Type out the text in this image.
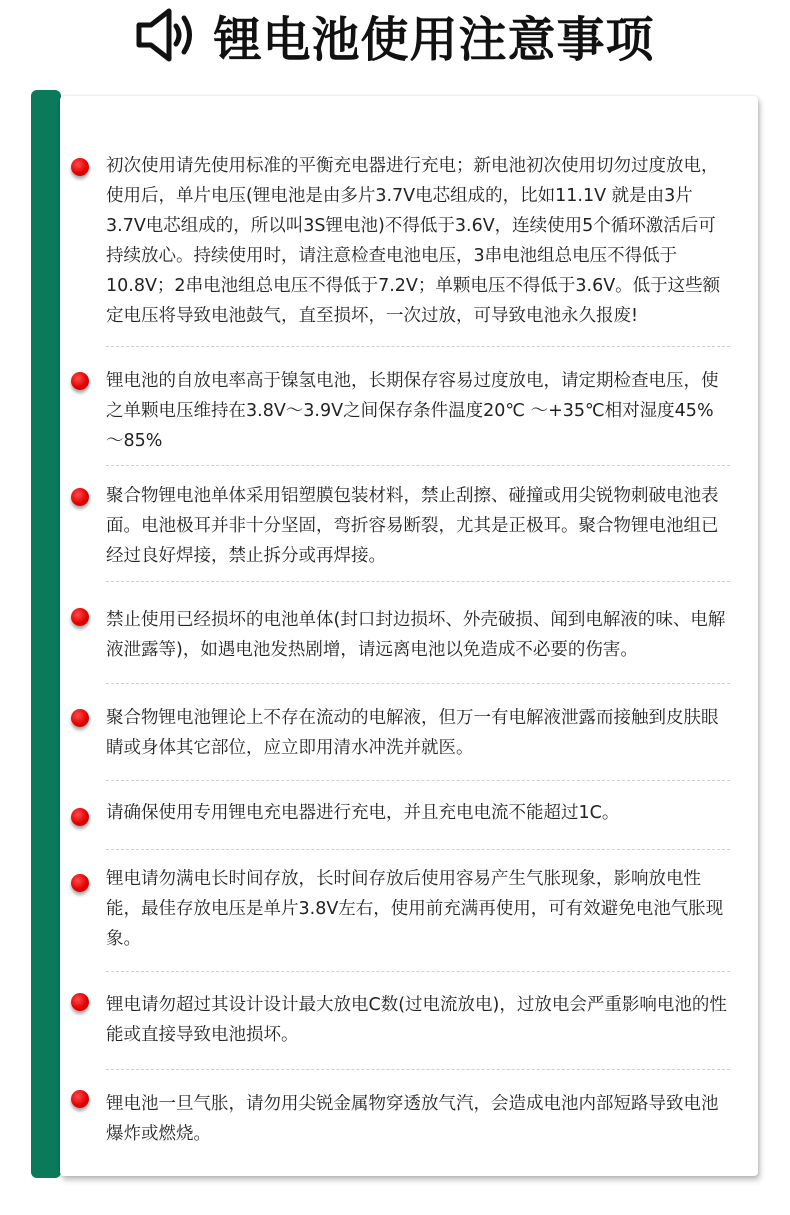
锂电池使用注意事项
初次使用请先使用标准的平衡充电器进行充电；新电池初次使用切勿过度放电，使用后，单片电压(锂电池是由多片3.7V电芯组成的，比如11.1V 就是由3片3.7V电芯组成的，所以叫3S锂电池)不得低于3.6V，连续使用5个循环激活后可持续放心。持续使用时，请注意检查电池电压，3串电池组总电压不得低于10.8V；2串电池组总电压不得低于7.2V；单颗电压不得低于3.6V。低于这些额定电压将导致电池鼓气，直至损坏，一次过放，可导致电池永久报废!
锂电池的自放电率高于镍氢电池，长期保存容易过度放电，请定期检查电压，使之单颗电压维持在3.8V～3.9V之间保存条件温度20℃ ～+35℃相对湿度45%～85%
聚合物锂电池单体采用铝塑膜包装材料，禁止刮擦、碰撞或用尖锐物刺破电池表面。电池极耳并非十分坚固，弯折容易断裂，尤其是正极耳。聚合物锂电池组已经过良好焊接，禁止拆分或再焊接。
禁止使用已经损坏的电池单体(封口封边损坏、外壳破损、闻到电解液的味、电解液泄露等)，如遇电池发热剧增，请远离电池以免造成不必要的伤害。
聚合物锂电池锂论上不存在流动的电解液，但万一有电解液泄露而接触到皮肤眼睛或身体其它部位，应立即用清水冲洗并就医。
请确保使用专用锂电充电器进行充电，并且充电电流不能超过1C。
锂电请勿满电长时间存放，长时间存放后使用容易产生气胀现象，影响放电性能，最佳存放电压是单片3.8V左右，使用前充满再使用，可有效避免电池气胀现象。
锂电请勿超过其设计设计最大放电C数(过电流放电)，过放电会严重影响电池的性能或直接导致电池损坏。
锂电池一旦气胀，请勿用尖锐金属物穿透放气汽，会造成电池内部短路导致电池爆炸或燃烧。
